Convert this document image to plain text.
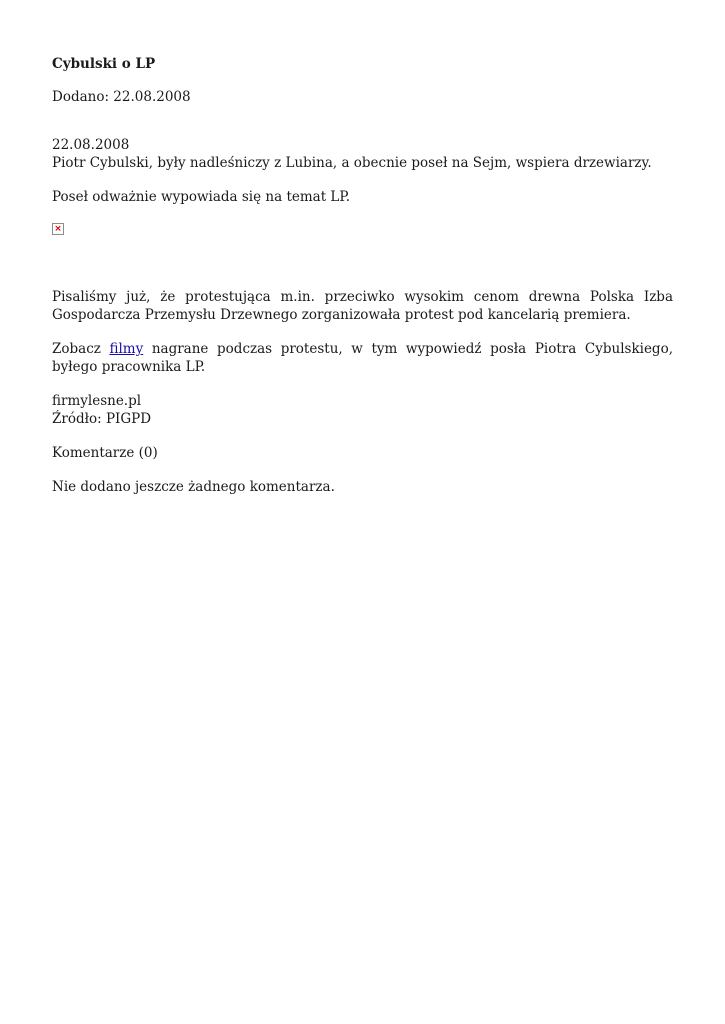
Cybulski o LP
Dodano: 22.08.2008
22.08.2008
Piotr Cybulski, były nadleśniczy z Lubina, a obecnie poseł na Sejm, wspiera drzewiarzy.
Poseł odważnie wypowiada się na temat LP.
×
Pisaliśmy już, że protestująca m.in. przeciwko wysokim cenom drewna Polska Izba Gospodarcza Przemysłu Drzewnego zorganizowała protest pod kancelarią premiera.
Zobacz filmy nagrane podczas protestu, w tym wypowiedź posła Piotra Cybulskiego, byłego pracownika LP.
firmylesne.pl
Źródło: PIGPD
Komentarze (0)
Nie dodano jeszcze żadnego komentarza.
